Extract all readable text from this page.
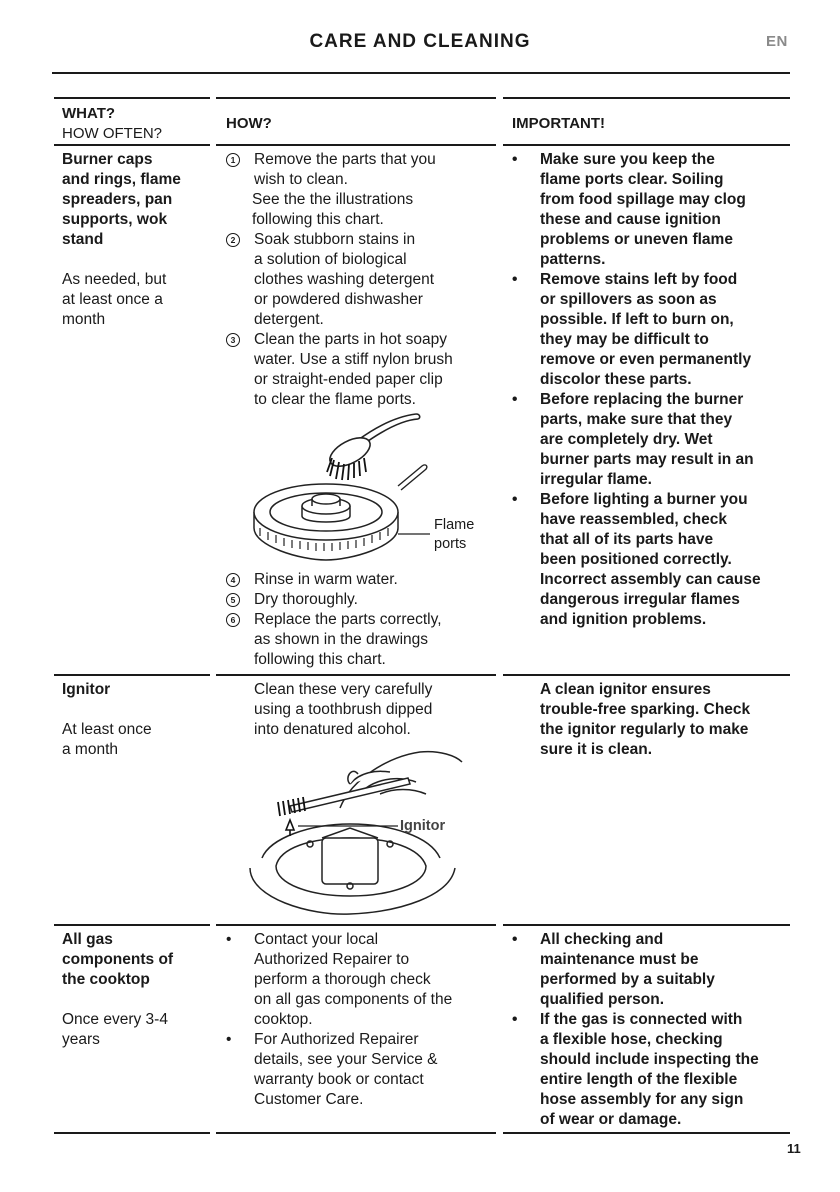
CARE AND CLEANING	EN
WHAT?
HOW OFTEN?
HOW?	IMPORTANT!
Burner caps
and rings, flame
spreaders, pan
supports, wok
stand
As needed, but
at least once a
month
1 Remove the parts that you
wish to clean.
See the the illustrations
following this chart.
2 Soak stubborn stains in
a solution of biological
clothes washing detergent
or powdered dishwasher
detergent.
3 Clean the parts in hot soapy
water. Use a stiff nylon brush
or straight-ended paper clip
to clear the flame ports.
Flame
ports
4 Rinse in warm water.
5 Dry thoroughly.
6 Replace the parts correctly,
as shown in the drawings
following this chart.
• Make sure you keep the
flame ports clear. Soiling
from food spillage may clog
these and cause ignition
problems or uneven flame
patterns.
• Remove stains left by food
or spillovers as soon as
possible. If left to burn on,
they may be difficult to
remove or even permanently
discolor these parts.
• Before replacing the burner
parts, make sure that they
are completely dry. Wet
burner parts may result in an
irregular flame.
• Before lighting a burner you
have reassembled, check
that all of its parts have
been positioned correctly.
Incorrect assembly can cause
dangerous irregular flames
and ignition problems.
Ignitor
At least once
a month
Clean these very carefully
using a toothbrush dipped
into denatured alcohol.
Ignitor
A clean ignitor ensures
trouble-free sparking. Check
the ignitor regularly to make
sure it is clean.
All gas
components of
the cooktop
Once every 3-4
years
• Contact your local
Authorized Repairer to
perform a thorough check
on all gas components of the
cooktop.
• For Authorized Repairer
details, see your Service &
warranty book or contact
Customer Care.
• All checking and
maintenance must be
performed by a suitably
qualified person.
• If the gas is connected with
a flexible hose, checking
should include inspecting the
entire length of the flexible
hose assembly for any sign
of wear or damage.
11
